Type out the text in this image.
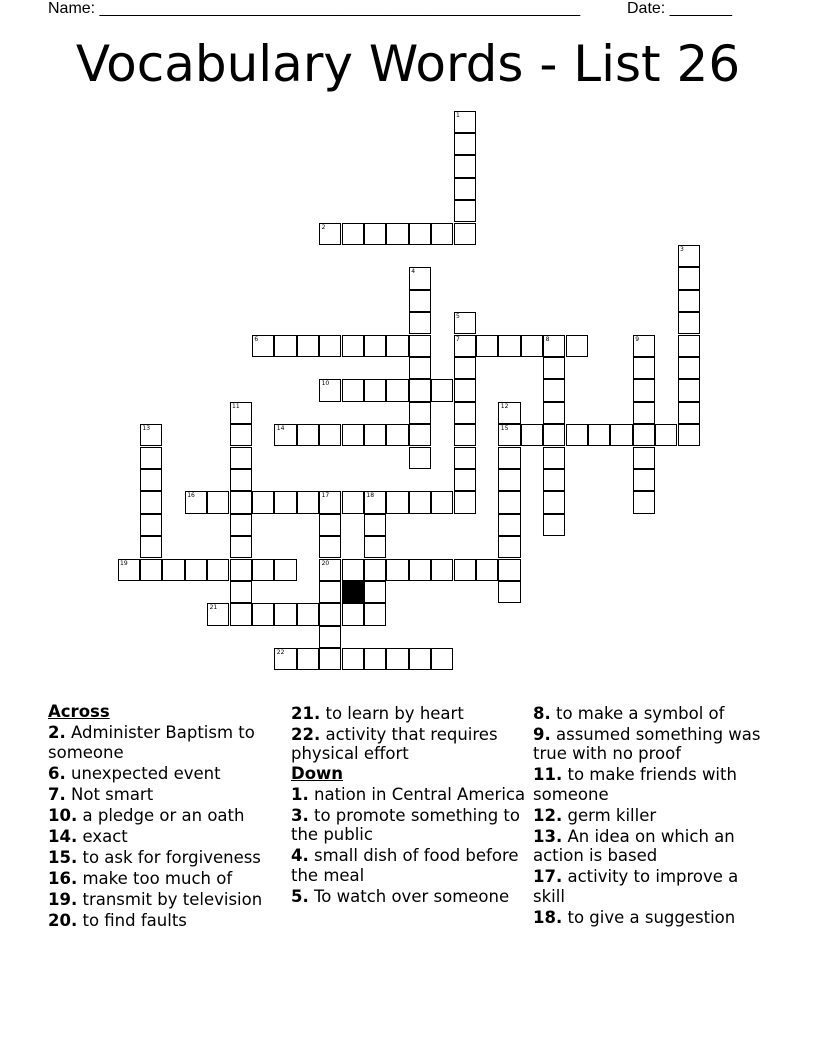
Name: ______________________________________________________	Date: _______
Vocabulary Words - List 26
1
2
3
4
5
7
6	8	9
10
11	12
15
13	14
16	17	18
20
19
21
22
Across
2. Administer Baptism to someone
6. unexpected event
7. Not smart
10. a pledge or an oath
14. exact
15. to ask for forgiveness
16. make too much of
19. transmit by television
20. to find faults
21. to learn by heart
22. activity that requires physical effort
Down
1. nation in Central America
3. to promote something to the public
4. small dish of food before the meal
5. To watch over someone
8. to make a symbol of
9. assumed something was true with no proof
11. to make friends with someone
12. germ killer
13. An idea on which an action is based
17. activity to improve a skill
18. to give a suggestion
